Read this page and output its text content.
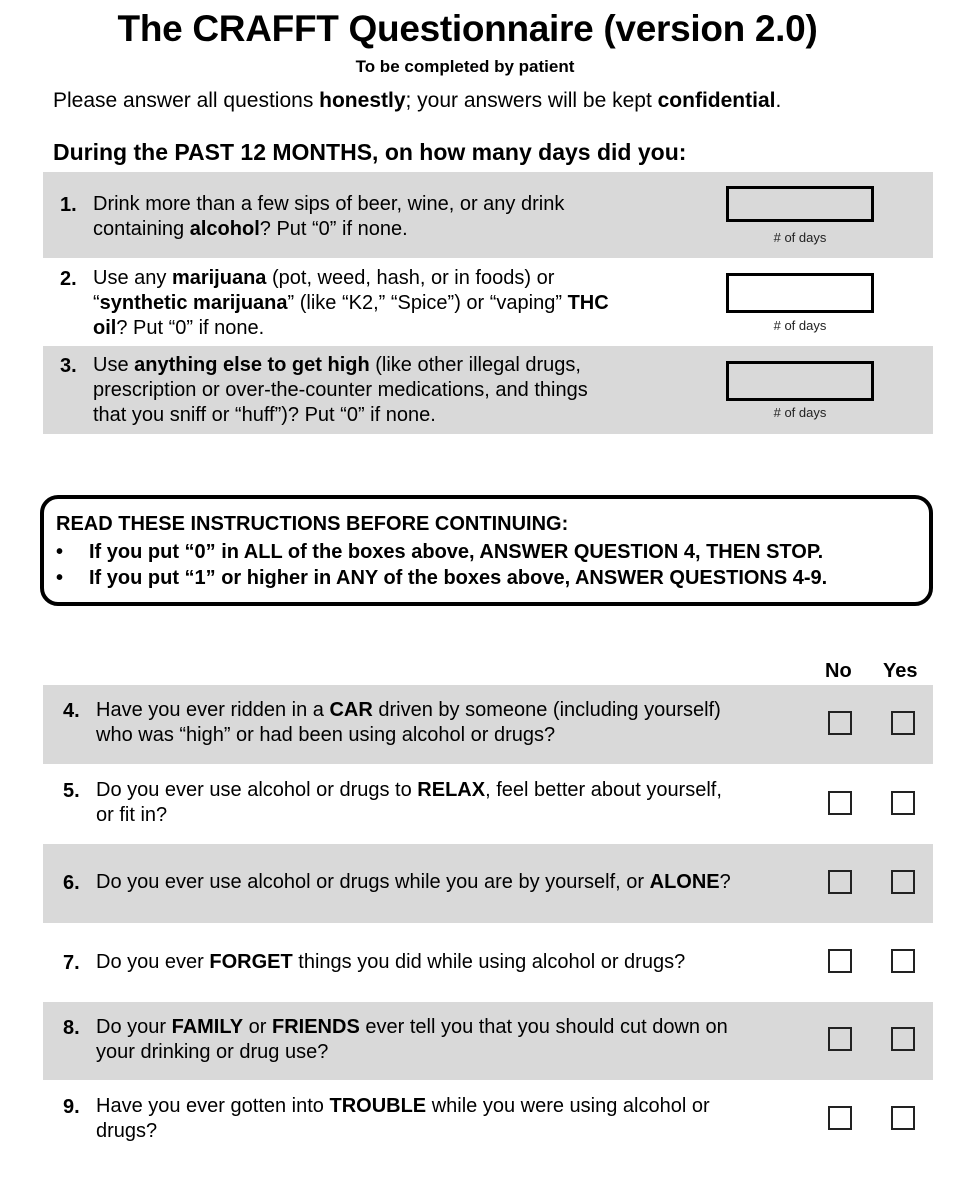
The CRAFFT Questionnaire (version 2.0)
To be completed by patient
Please answer all questions honestly; your answers will be kept confidential.
During the PAST 12 MONTHS, on how many days did you:
1. Drink more than a few sips of beer, wine, or any drink
containing alcohol? Put “0” if none.	# of days
2. Use any marijuana (pot, weed, hash, or in foods) or
“synthetic marijuana” (like “K2,” “Spice”) or “vaping” THC
oil? Put “0” if none.	# of days
3. Use anything else to get high (like other illegal drugs,
prescription or over-the-counter medications, and things
that you sniff or “huff”)? Put “0” if none.	# of days
READ THESE INSTRUCTIONS BEFORE CONTINUING:
• If you put “0” in ALL of the boxes above, ANSWER QUESTION 4, THEN STOP.
• If you put “1” or higher in ANY of the boxes above, ANSWER QUESTIONS 4-9.
No Yes
4. Have you ever ridden in a CAR driven by someone (including yourself)
who was “high” or had been using alcohol or drugs?
5. Do you ever use alcohol or drugs to RELAX, feel better about yourself,
or fit in?
6. Do you ever use alcohol or drugs while you are by yourself, or ALONE?
7. Do you ever FORGET things you did while using alcohol or drugs?
8. Do your FAMILY or FRIENDS ever tell you that you should cut down on
your drinking or drug use?
9. Have you ever gotten into TROUBLE while you were using alcohol or
drugs?
